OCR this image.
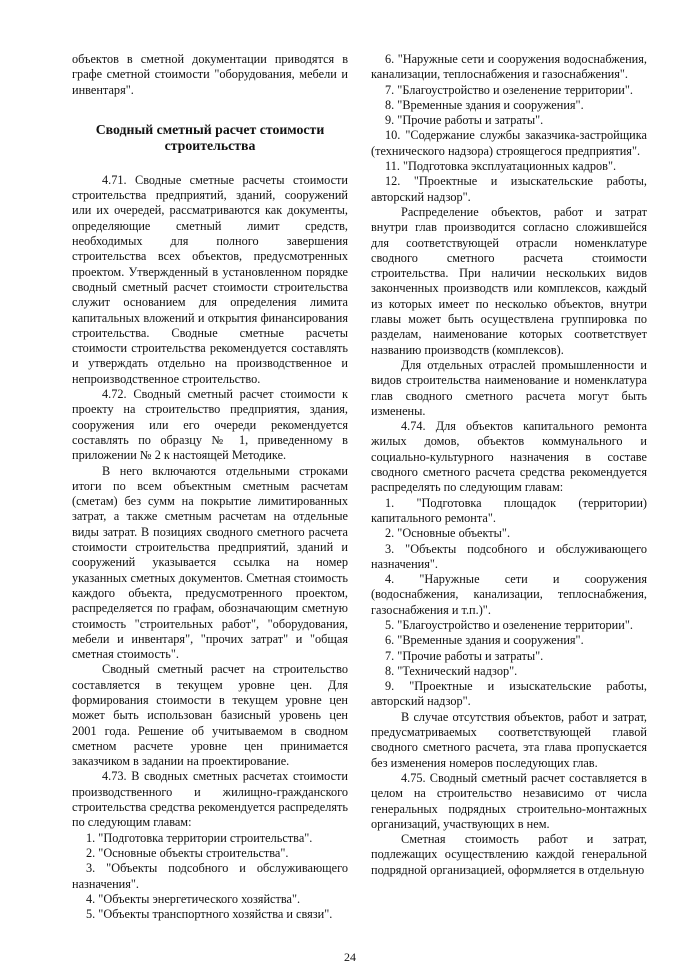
объектов в сметной документации приводятся в графе сметной стоимости "оборудования, мебели и инвентаря".

Сводный сметный расчет стоимости строительства

4.71. Сводные сметные расчеты стоимости строительства предприятий, зданий, сооружений или их очередей, рассматриваются как документы, определяющие сметный лимит средств, необходимых для полного завершения строительства всех объектов, предусмотренных проектом. Утвержденный в установленном порядке сводный сметный расчет стоимости строительства служит основанием для определения лимита капитальных вложений и открытия финансирования строительства. Сводные сметные расчеты стоимости строительства рекомендуется составлять и утверждать отдельно на производственное и непроизводственное строительство.

4.72. Сводный сметный расчет стоимости к проекту на строительство предприятия, здания, сооружения или его очереди рекомендуется составлять по образцу № 1, приведенному в приложении № 2 к настоящей Методике.

В него включаются отдельными строками итоги по всем объектным сметным расчетам (сметам) без сумм на покрытие лимитированных затрат, а также сметным расчетам на отдельные виды затрат. В позициях сводного сметного расчета стоимости строительства предприятий, зданий и сооружений указывается ссылка на номер указанных сметных документов. Сметная стоимость каждого объекта, предусмотренного проектом, распределяется по графам, обозначающим сметную стоимость "строительных работ", "оборудования, мебели и инвентаря", "прочих затрат" и "общая сметная стоимость".

Сводный сметный расчет на строительство составляется в текущем уровне цен. Для формирования стоимости в текущем уровне цен может быть использован базисный уровень цен 2001 года. Решение об учитываемом в сводном сметном расчете уровне цен принимается заказчиком в задании на проектирование.

4.73. В сводных сметных расчетах стоимости производственного и жилищно-гражданского строительства средства рекомендуется распределять по следующим главам:

1. "Подготовка территории строительства".

2. "Основные объекты строительства".

3. "Объекты подсобного и обслуживающего назначения".

4. "Объекты энергетического хозяйства".

5. "Объекты транспортного хозяйства и связи".

6. "Наружные сети и сооружения водоснабжения, канализации, теплоснабжения и газоснабжения".

7. "Благоустройство и озеленение территории".

8. "Временные здания и сооружения".

9. "Прочие работы и затраты".

10. "Содержание службы заказчика-застройщика (технического надзора) строящегося предприятия".

11. "Подготовка эксплуатационных кадров".

12. "Проектные и изыскательские работы, авторский надзор".

Распределение объектов, работ и затрат внутри глав производится согласно сложившейся для соответствующей отрасли номенклатуре сводного сметного расчета стоимости строительства. При наличии нескольких видов законченных производств или комплексов, каждый из которых имеет по несколько объектов, внутри главы может быть осуществлена группировка по разделам, наименование которых соответствует названию производств (комплексов).

Для отдельных отраслей промышленности и видов строительства наименование и номенклатура глав сводного сметного расчета могут быть изменены.

4.74. Для объектов капитального ремонта жилых домов, объектов коммунального и социально-культурного назначения в составе сводного сметного расчета средства рекомендуется распределять по следующим главам:

1. "Подготовка площадок (территории) капитального ремонта".

2. "Основные объекты".

3. "Объекты подсобного и обслуживающего назначения".

4. "Наружные сети и сооружения (водоснабжения, канализации, теплоснабжения, газоснабжения и т.п.)".

5. "Благоустройство и озеленение территории".

6. "Временные здания и сооружения".

7. "Прочие работы и затраты".

8. "Технический надзор".

9. "Проектные и изыскательские работы, авторский надзор".

В случае отсутствия объектов, работ и затрат, предусматриваемых соответствующей главой сводного сметного расчета, эта глава пропускается без изменения номеров последующих глав.

4.75. Сводный сметный расчет составляется в целом на строительство независимо от числа генеральных подрядных строительно-монтажных организаций, участвующих в нем.

Сметная стоимость работ и затрат, подлежащих осуществлению каждой генеральной подрядной организацией, оформляется в отдельную

24
